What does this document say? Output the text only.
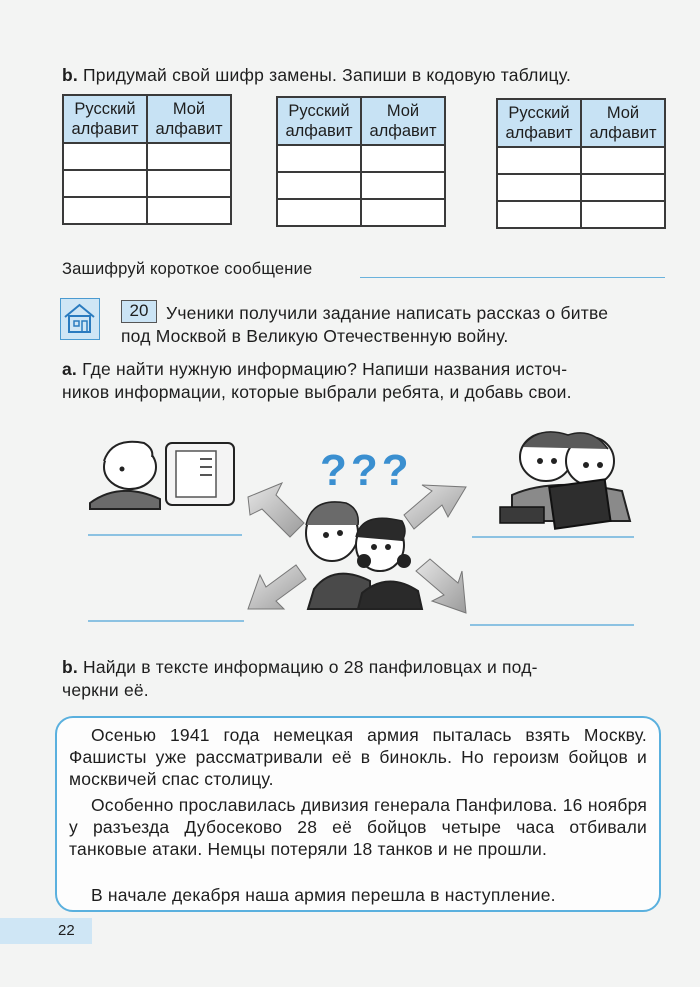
b. Придумай свой шифр замены. Запиши в кодовую таблицу.
Русский алфавит	Мой алфавит

Русский алфавит	Мой алфавит

Русский алфавит	Мой алфавит

Зашифруй короткое сообщение
20	Ученики получили задание написать рассказ о битве
под Москвой в Великую Отечественную войну.
a. Где найти нужную информацию? Напиши названия источ-
ников информации, которые выбрали ребята, и добавь свои.
???
b. Найди в тексте информацию о 28 панфиловцах и под-
черкни её.

Осенью 1941 года немецкая армия пыталась взять Москву. Фашисты уже рассматривали её в бинокль. Но героизм бойцов и москвичей спас столицу.

Особенно прославилась дивизия генерала Панфилова. 16 ноября у разъезда Дубосеково 28 её бойцов четыре часа отбивали танковые атаки. Немцы потеряли 18 танков и не прошли.

В начале декабря наша армия перешла в наступление.

22
